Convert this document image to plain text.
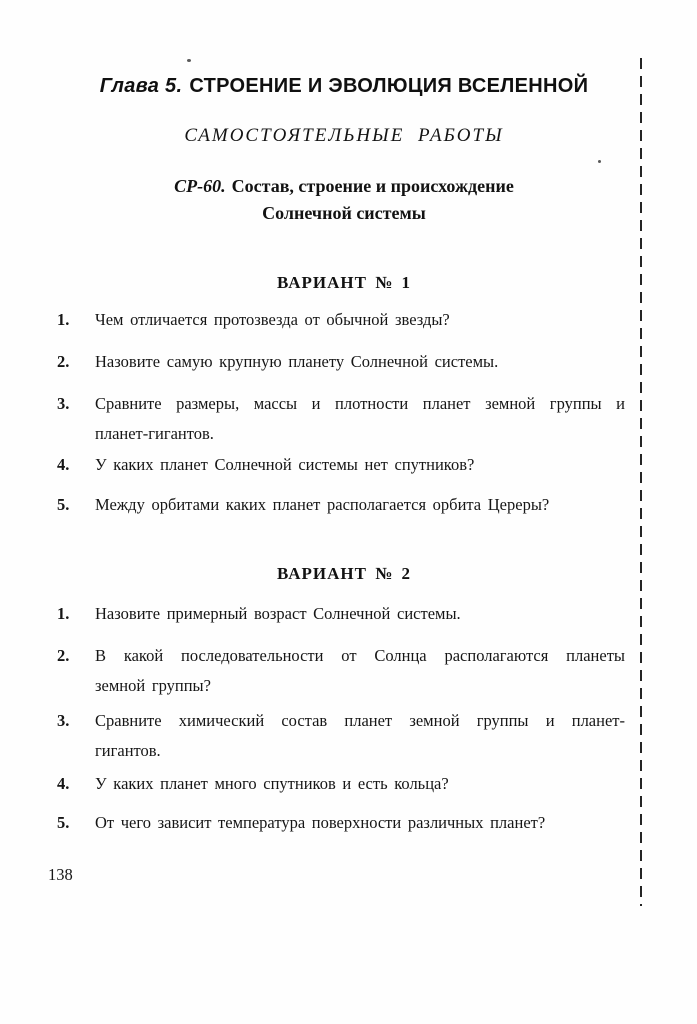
Глава 5. СТРОЕНИЕ И ЭВОЛЮЦИЯ ВСЕЛЕННОЙ
САМОСТОЯТЕЛЬНЫЕ РАБОТЫ
СР-60. Состав, строение и происхождение
Солнечной системы
ВАРИАНТ № 1
1. Чем отличается протозвезда от обычной звезды?
2. Назовите самую крупную планету Солнечной системы.
3. Сравните размеры, массы и плотности планет земной группы и
планет-гигантов.
4. У каких планет Солнечной системы нет спутников?
5. Между орбитами каких планет располагается орбита Цереры?
ВАРИАНТ № 2
1. Назовите примерный возраст Солнечной системы.
2. В какой последовательности от Солнца располагаются планеты
земной группы?
3. Сравните химический состав планет земной группы и планет-
гигантов.
4. У каких планет много спутников и есть кольца?
5. От чего зависит температура поверхности различных планет?
138
